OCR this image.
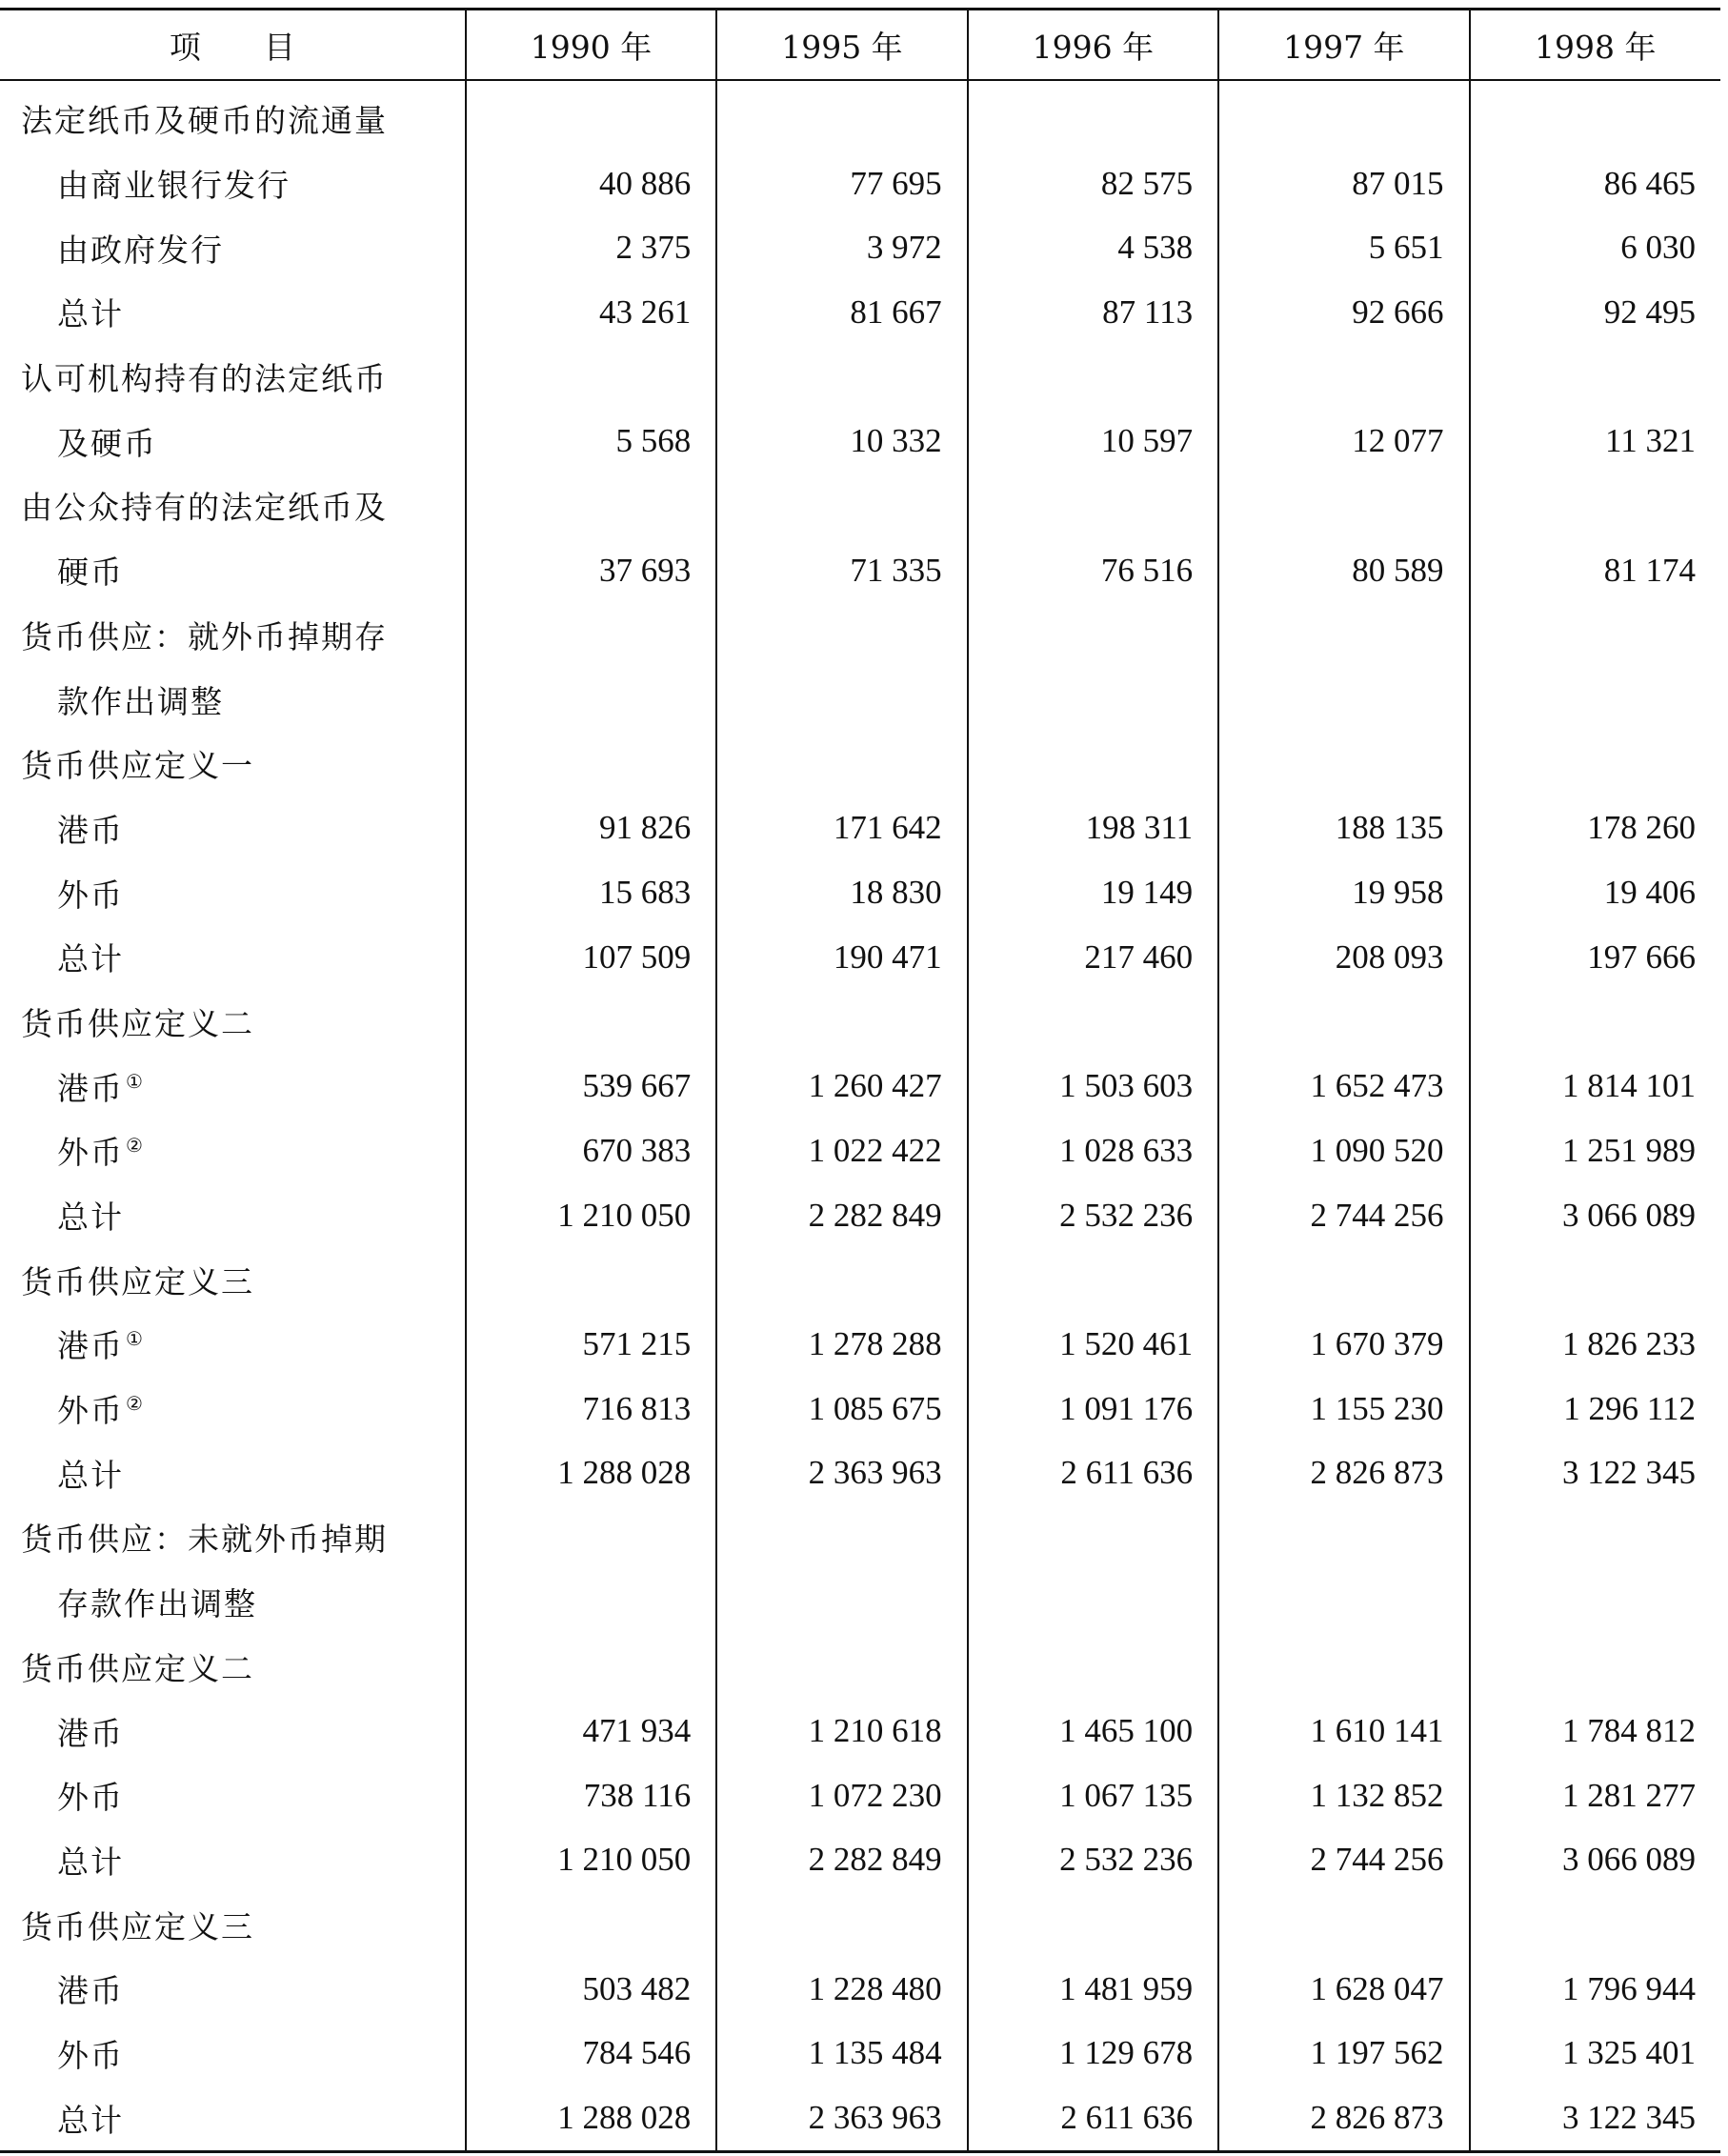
项　　目	1990 年	1995 年	1996 年	1997 年	1998 年
法定纸币及硬币的流通量					
由商业银行发行	40 886	77 695	82 575	87 015	86 465
由政府发行	2 375	3 972	4 538	5 651	6 030
总计	43 261	81 667	87 113	92 666	92 495
认可机构持有的法定纸币					
及硬币	5 568	10 332	10 597	12 077	11 321
由公众持有的法定纸币及					
硬币	37 693	71 335	76 516	80 589	81 174
货币供应：就外币掉期存					
款作出调整					
货币供应定义一					
港币	91 826	171 642	198 311	188 135	178 260
外币	15 683	18 830	19 149	19 958	19 406
总计	107 509	190 471	217 460	208 093	197 666
货币供应定义二					
港币 ①	539 667	1 260 427	1 503 603	1 652 473	1 814 101
外币 ②	670 383	1 022 422	1 028 633	1 090 520	1 251 989
总计	1 210 050	2 282 849	2 532 236	2 744 256	3 066 089
货币供应定义三					
港币 ①	571 215	1 278 288	1 520 461	1 670 379	1 826 233
外币 ②	716 813	1 085 675	1 091 176	1 155 230	1 296 112
总计	1 288 028	2 363 963	2 611 636	2 826 873	3 122 345
货币供应：未就外币掉期					
存款作出调整					
货币供应定义二					
港币	471 934	1 210 618	1 465 100	1 610 141	1 784 812
外币	738 116	1 072 230	1 067 135	1 132 852	1 281 277
总计	1 210 050	2 282 849	2 532 236	2 744 256	3 066 089
货币供应定义三					
港币	503 482	1 228 480	1 481 959	1 628 047	1 796 944
外币	784 546	1 135 484	1 129 678	1 197 562	1 325 401
总计	1 288 028	2 363 963	2 611 636	2 826 873	3 122 345
